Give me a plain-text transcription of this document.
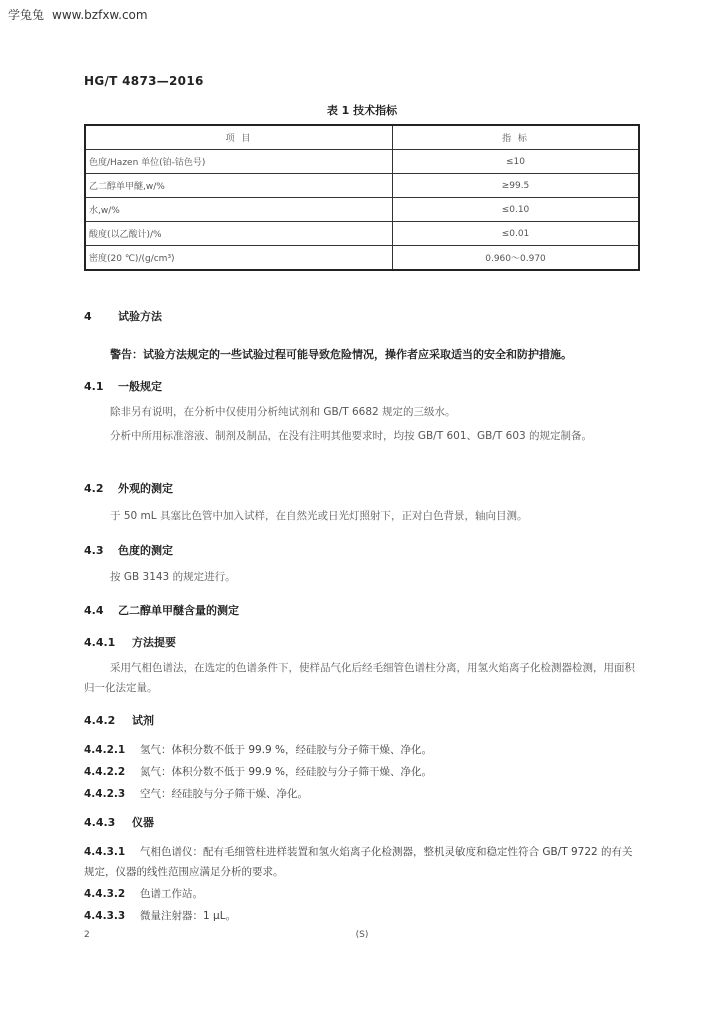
学兔兔 www.bzfxw.com
HG/T 4873—2016
表 1 技术指标
项 目	指 标
色度/Hazen 单位(铂-钴色号)	≤10
乙二醇单甲醚,w/%	≥99.5
水,w/%	≤0.10
酸度(以乙酸计)/%	≤0.01
密度(20 ℃)/(g/cm³)	0.960～0.970
4 试验方法
警告：试验方法规定的一些试验过程可能导致危险情况，操作者应采取适当的安全和防护措施。
4.1 一般规定
除非另有说明，在分析中仅使用分析纯试剂和 GB/T 6682 规定的三级水。
分析中所用标准溶液、制剂及制品，在没有注明其他要求时，均按 GB/T 601、GB/T 603 的规定制备。
4.2 外观的测定
于 50 mL 具塞比色管中加入试样，在自然光或日光灯照射下，正对白色背景，轴向目测。
4.3 色度的测定
按 GB 3143 的规定进行。
4.4 乙二醇单甲醚含量的测定
4.4.1 方法提要
采用气相色谱法，在选定的色谱条件下，使样品气化后经毛细管色谱柱分离，用氢火焰离子化检测器检测，用面积归一化法定量。
4.4.2 试剂
4.4.2.1 氢气：体积分数不低于 99.9 %，经硅胶与分子筛干燥、净化。
4.4.2.2 氮气：体积分数不低于 99.9 %，经硅胶与分子筛干燥、净化。
4.4.2.3 空气：经硅胶与分子筛干燥、净化。
4.4.3 仪器
4.4.3.1 气相色谱仪：配有毛细管柱进样装置和氢火焰离子化检测器，整机灵敏度和稳定性符合 GB/T 9722 的有关规定，仪器的线性范围应满足分析的要求。
4.4.3.2 色谱工作站。
4.4.3.3 微量注射器：1 μL。
2	(S)
